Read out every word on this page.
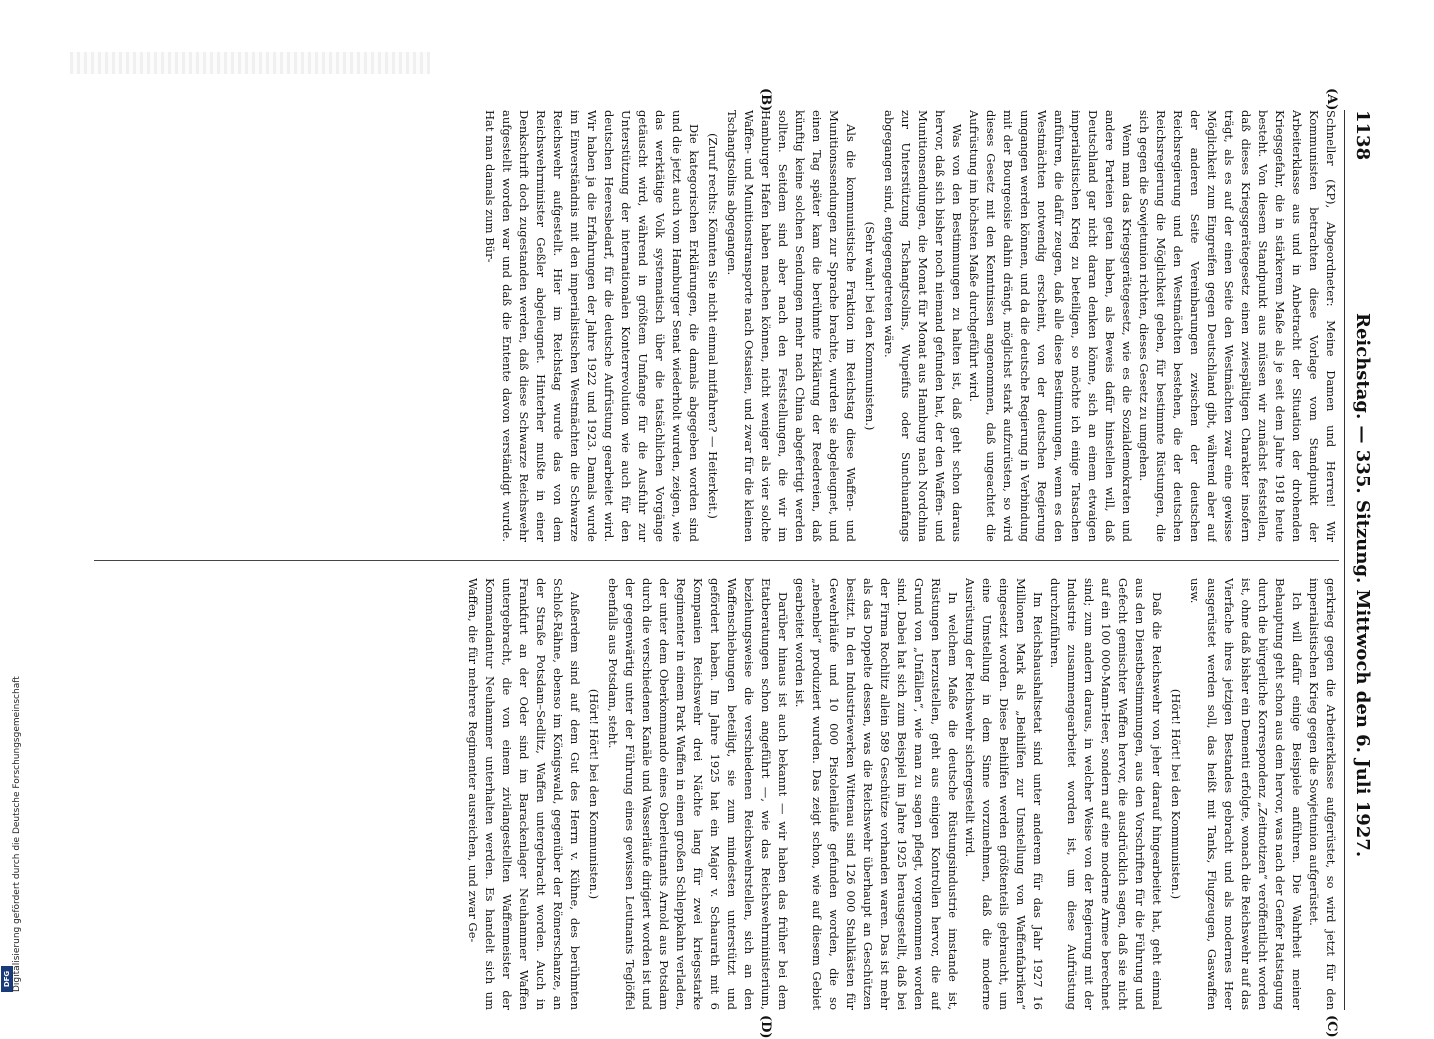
1138
Reichstag. — 335. Sitzung. Mittwoch den 6. Juli 1927.

Schneller (KP), Abgeordneter: Meine Damen und Herren! Wir Kommunisten betrachten diese Vorlage vom Standpunkt der Arbeiterklasse aus und in Anbetracht der Situation der drohenden Kriegsgefahr, die in stärkerem Maße als je seit dem Jahre 1918 heute besteht. Von diesem Standpunkt aus müssen wir zunächst feststellen, daß dieses Kriegsgerätegesetz einen zwiespältigen Charakter insofern trägt, als es auf der einen Seite den Westmächten zwar eine gewisse Möglichkeit zum Eingreifen gegen Deutschland gibt, während aber auf der anderen Seite Vereinbarungen zwischen der deutschen Reichsregierung und den Westmächten bestehen, die der deutschen Reichsregierung die Möglichkeit geben, für bestimmte Rüstungen, die sich gegen die Sowjetunion richten, dieses Gesetz zu umgehen.

Wenn man das Kriegsgerätegesetz, wie es die Sozialdemokraten und andere Parteien getan haben, als Beweis dafür hinstellen will, daß Deutschland gar nicht daran denken könne, sich an einem etwaigen imperialistischen Krieg zu beteiligen, so möchte ich einige Tatsachen anführen, die dafür zeugen, daß alle diese Bestimmungen, wenn es den Westmächten notwendig erscheint, von der deutschen Regierung umgangen werden können, und da die deutsche Regierung in Verbindung mit der Bourgeoisie dahin drängt, möglichst stark aufzurüsten, so wird dieses Gesetz mit den Kenntnissen angenommen, daß ungeachtet die Aufrüstung im höchsten Maße durchgeführt wird.

Was von den Bestimmungen zu halten ist, daß geht schon daraus hervor, daß sich bisher noch niemand gefunden hat, der den Waffen- und Munitionsendungen, die Monat für Monat aus Hamburg nach Nordchina zur Unterstützung Tschangtsolins, Wupeifus oder Sunchuanfangs abgegangen sind, entgegengetreten wäre.

(Sehr wahr! bei den Kommunisten.)

Als die kommunistische Fraktion im Reichstag diese Waffen- und Munitionssendungen zur Sprache brachte, wurden sie abgeleugnet, und einen Tag später kam die berühmte Erklärung der Reedereien, daß künftig keine solchen Sendungen mehr nach China abgefertigt werden sollten. Seitdem sind aber nach den Feststellungen, die wir im Hamburger Hafen haben machen können, nicht weniger als vier solche Waffen- und Munitionstransporte nach Ostasien, und zwar für die kleinen Tschangtsolins abgegangen.

(Zuruf rechts: Könnten Sie nicht einmal mitfahren? — Heiterkeit.)

Die kategorischen Erklärungen, die damals abgegeben worden sind und die jetzt auch vom Hamburger Senat wiederholt wurden, zeigen, wie das werktätige Volk systematisch über die tatsächlichen Vorgänge getäuscht wird, während in größtem Umfange für die Ausfuhr zur Unterstützung der internationalen Konterrevolution wie auch für den deutschen Heeresbedarf, für die deutsche Aufrüstung gearbeitet wird. Wir haben ja die Erfahrungen der Jahre 1922 und 1923. Damals wurde im Einverständnis mit den imperialistischen Westmächten die Schwarze Reichswehr aufgestellt. Hier im Reichstag wurde das von dem Reichswehrminister Geßler abgeleugnet. Hinterher mußte in einer Denkschrift doch zugestanden werden, daß diese Schwarze Reichswehr aufgestellt worden war und daß die Entente davon verständigt wurde. Hat man damals zum Bür-

gerkrieg gegen die Arbeiterklasse aufgerüstet, so wird jetzt für den imperialistischen Krieg gegen die Sowjetunion aufgerüstet.

Ich will dafür einige Beispiele anführen. Die Wahrheit meiner Behauptung geht schon aus dem hervor, was nach der Genfer Ratstagung durch die bürgerliche Korrespondenz „Zeitnotizen“ veröffentlicht worden ist, ohne daß bisher ein Dementi erfolgte, wonach die Reichswehr auf das Vierfache ihres jetzigen Bestandes gebracht und als modernes Heer ausgerüstet werden soll, das heißt mit Tanks, Flugzeugen, Gaswaffen usw.

(Hört! Hört! bei den Kommunisten.)

Daß die Reichswehr von jeher darauf hingearbeitet hat, geht einmal aus den Dienstbestimmungen, aus den Vorschriften für die Führung und Gefecht gemischter Waffen hervor, die ausdrücklich sagen, daß sie nicht auf ein 100 000-Mann-Heer, sondern auf eine moderne Armee berechnet sind; zum andern daraus, in welcher Weise von der Regierung mit der Industrie zusammengearbeitet worden ist, um diese Aufrüstung durchzuführen.

Im Reichshaushaltsetat sind unter anderem für das Jahr 1927 16 Millionen Mark als „Beihilfen zur Umstellung von Waffenfabriken“ eingesetzt worden. Diese Beihilfen werden größtenteils gebraucht, um eine Umstellung in dem Sinne vorzunehmen, daß die moderne Ausrüstung der Reichswehr sichergestellt wird.

In welchem Maße die deutsche Rüstungsindustrie imstande ist, Rüstungen herzustellen, geht aus einigen Kontrollen hervor, die auf Grund von „Unfällen“, wie man zu sagen pflegt, vorgenommen worden sind. Dabei hat sich zum Beispiel im Jahre 1925 herausgestellt, daß bei der Firma Rochlitz allein 589 Geschütze vorhanden waren. Das ist mehr als das Doppelte dessen, was die Reichswehr überhaupt an Geschützen besitzt. In den Industriewerken Wittenau sind 126 000 Stahlkästen für Gewehrläufe und 10 000 Pistolenläufe gefunden worden, die so „nebenbei“ produziert wurden. Das zeigt schon, wie auf diesem Gebiet gearbeitet worden ist.

Darüber hinaus ist auch bekannt — wir haben das früher bei dem Etatberatungen schon angeführt —, wie das Reichswehrministerium, beziehungsweise die verschiedenen Reichswehrstellen, sich an den Waffenschiebungen beteiligt, sie zum mindesten unterstützt und gefördert haben. Im Jahre 1925 hat ein Major v. Schaurath mit 6 Kompanien Reichswehr drei Nächte lang für zwei kriegsstarke Regimenter in einem Park Waffen in einen großen Schleppkahn verladen, der unter dem Oberkommando eines Oberleutnants Arnold aus Potsdam durch die verschiedenen Kanäle und Wasserläufe dirigiert worden ist und der gegenwärtig unter der Führung eines gewissen Leutnants Teglöffel ebenfalls aus Potsdam, steht.

(Hört! Hört! bei den Kommunisten.)

Außerdem sind auf dem Gut des Herrn v. Kühne, des berühmten Schloß-Rähne, ebenso im Königswald, gegenüber der Römerschanze, an der Straße Potsdam–Sedlitz, Waffen untergebracht worden. Auch in Frankfurt an der Oder sind im Barackenlager Neuhammer Waffen untergebracht, die von einem zivilangestellten Waffenmeister der Kommandantur Neuhammer unterhalten werden. Es handelt sich um Waffen, die für mehrere Regimenter ausreichen, und zwar Ge-

(A)
(B)
(C)
(D)
DFG Digitalisierung gefördert durch die Deutsche Forschungsgemeinschaft
